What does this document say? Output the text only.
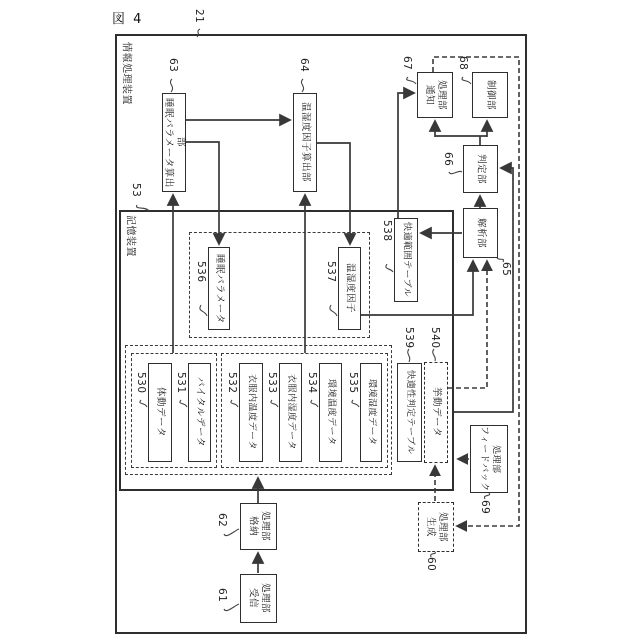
図 4
情報処理装置
21
記憶装置
53
睡眠パラメータ算出部
63
温湿度因子算出部
64
通知
処理部
67
制御部
68
判定部
66
解析部
65
格納
処理部
62
受信
処理部
61
フィードバック
処理部
69
生成
処理部
60
睡眠パラメータ
536	温湿度因子
537	快適範囲テーブル
538
体動データ
530	バイタルデータ
531	衣服内温度データ
532	衣服内湿度データ
533	環境温度データ
534	環境湿度データ
535	快適性判定テーブル
539
挙動データ
540
